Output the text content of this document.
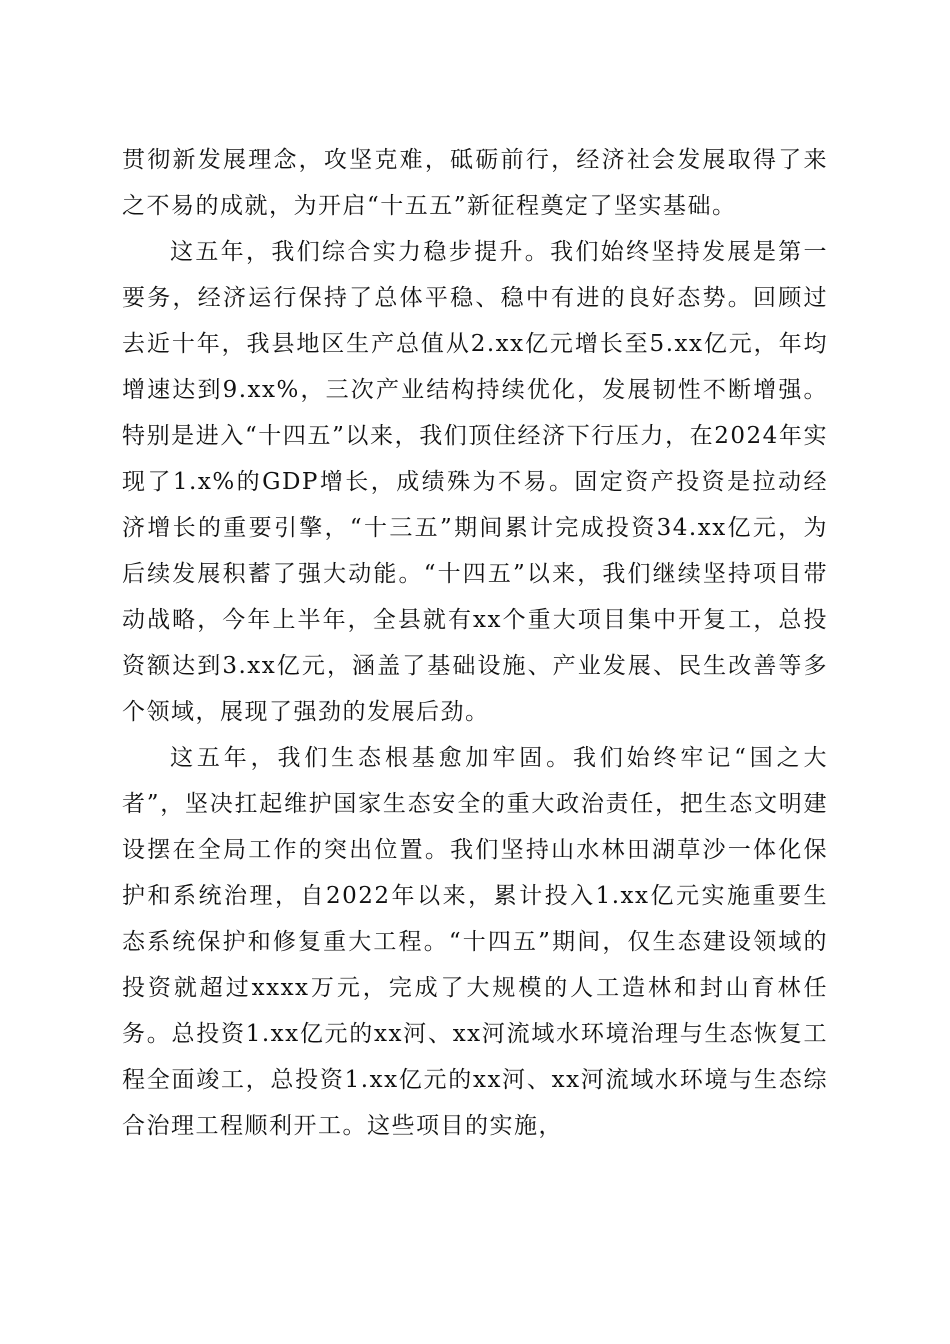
贯彻新发展理念，攻坚克难，砥砺前行，经济社会发展取得了来之不易的成就，为开启“十五五”新征程奠定了坚实基础。

这五年，我们综合实力稳步提升。我们始终坚持发展是第一要务，经济运行保持了总体平稳、稳中有进的良好态势。回顾过去近十年，我县地区生产总值从2.xx亿元增长至5.xx亿元，年均增速达到9.xx%，三次产业结构持续优化，发展韧性不断增强。特别是进入“十四五”以来，我们顶住经济下行压力，在2024年实现了1.x%的GDP增长，成绩殊为不易。固定资产投资是拉动经济增长的重要引擎，“十三五”期间累计完成投资34.xx亿元，为后续发展积蓄了强大动能。“十四五”以来，我们继续坚持项目带动战略，今年上半年，全县就有xx个重大项目集中开复工，总投资额达到3.xx亿元，涵盖了基础设施、产业发展、民生改善等多个领域，展现了强劲的发展后劲。

这五年，我们生态根基愈加牢固。我们始终牢记“国之大者”，坚决扛起维护国家生态安全的重大政治责任，把生态文明建设摆在全局工作的突出位置。我们坚持山水林田湖草沙一体化保护和系统治理，自2022年以来，累计投入1.xx亿元实施重要生态系统保护和修复重大工程。“十四五”期间，仅生态建设领域的投资就超过xxxx万元，完成了大规模的人工造林和封山育林任务。总投资1.xx亿元的xx河、xx河流域水环境治理与生态恢复工程全面竣工，总投资1.xx亿元的xx河、xx河流域水环境与生态综合治理工程顺利开工。这些项目的实施，
